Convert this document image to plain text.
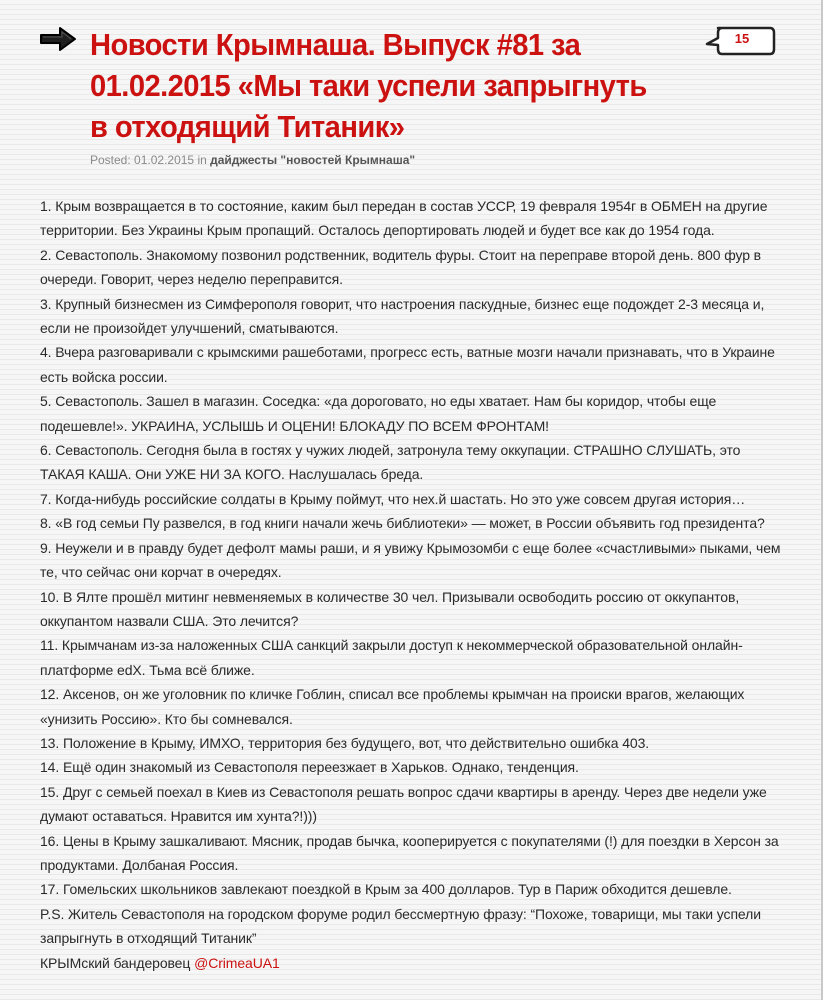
Новости Крымнаша. Выпуск #81 за 01.02.2015 «Мы таки успели запрыгнуть в отходящий Титаник»
15
Posted: 01.02.2015 in дайджесты "новостей Крымнаша"

1. Крым возвращается в то состояние, каким был передан в состав УССР, 19 февраля 1954г в ОБМЕН на другие территории. Без Украины Крым пропащий. Осталось депортировать людей и будет все как до 1954 года.

2. Севастополь. Знакомому позвонил родственник, водитель фуры. Стоит на переправе второй день. 800 фур в очереди. Говорит, через неделю переправится.

3. Крупный бизнесмен из Симферополя говорит, что настроения паскудные, бизнес еще подождет 2-3 месяца и, если не произойдет улучшений, сматываются.

4. Вчера разговаривали с крымскими рашеботами, прогресс есть, ватные мозги начали признавать, что в Украине есть войска россии.

5. Севастополь. Зашел в магазин. Соседка: «да дороговато, но еды хватает. Нам бы коридор, чтобы еще подешевле!». УКРАИНА, УСЛЫШЬ И ОЦЕНИ! БЛОКАДУ ПО ВСЕМ ФРОНТАМ!

6. Севастополь. Сегодня была в гостях у чужих людей, затронула тему оккупации. СТРАШНО СЛУШАТЬ, это ТАКАЯ КАША. Они УЖЕ НИ ЗА КОГО. Наслушалась бреда.

7. Когда-нибудь российские солдаты в Крыму поймут, что нех.й шастать. Но это уже совсем другая история…

8. «В год семьи Пу развелся, в год книги начали жечь библиотеки» — может, в России объявить год президента?

9. Неужели и в правду будет дефолт мамы раши, и я увижу Крымозомби с еще более «счастливыми» пыками, чем те, что сейчас они корчат в очередях.

10. В Ялте прошёл митинг невменяемых в количестве 30 чел. Призывали освободить россию от оккупантов, оккупантом назвали США. Это лечится?

11. Крымчанам из-за наложенных США санкций закрыли доступ к некоммерческой образовательной онлайн-платформе edX. Тьма всё ближе.

12. Аксенов, он же уголовник по кличке Гоблин, списал все проблемы крымчан на происки врагов, желающих «унизить Россию». Кто бы сомневался.

13. Положение в Крыму, ИМХО, территория без будущего, вот, что действительно ошибка 403.

14. Ещё один знакомый из Севастополя переезжает в Харьков. Однако, тенденция.

15. Друг с семьей поехал в Киев из Севастополя решать вопрос сдачи квартиры в аренду. Через две недели уже думают оставаться. Нравится им хунта?!)))

16. Цены в Крыму зашкаливают. Мясник, продав бычка, кооперируется с покупателями (!) для поездки в Херсон за продуктами. Долбаная Россия.

17. Гомельских школьников завлекают поездкой в Крым за 400 долларов. Тур в Париж обходится дешевле.

P.S. Житель Севастополя на городском форуме родил бессмертную фразу: “Похоже, товарищи, мы таки успели запрыгнуть в отходящий Титаник”

КРЫМский бандеровец @CrimeaUA1
